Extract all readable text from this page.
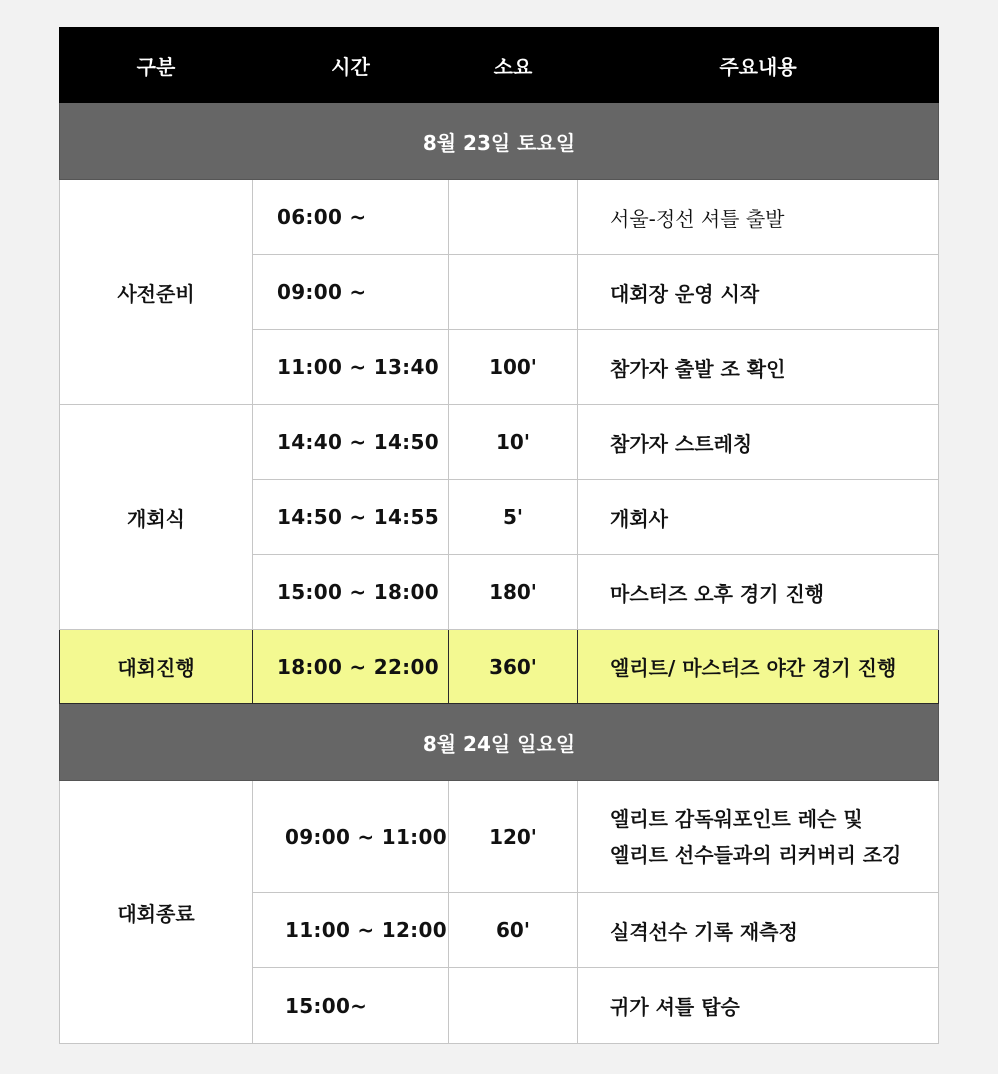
구분	시간	소요	주요내용
8월 23일 토요일			
사전준비	06:00 ~		서울-정선 셔틀 출발
	09:00 ~		대회장 운영 시작
	11:00 ~ 13:40	100'	참가자 출발 조 확인
개회식	14:40 ~ 14:50	10'	참가자 스트레칭
	14:50 ~ 14:55	5'	개회사
	15:00 ~ 18:00	180'	마스터즈 오후 경기 진행
대회진행	18:00 ~ 22:00	360'	엘리트/ 마스터즈 야간 경기 진행
8월 24일 일요일			
대회종료	09:00 ~ 11:00	120'	엘리트 감독워포인트 레슨 및
엘리트 선수들과의 리커버리 조깅

	11:00 ~ 12:00	60'	실격선수 기록 재측정
	15:00~		귀가 셔틀 탑승
